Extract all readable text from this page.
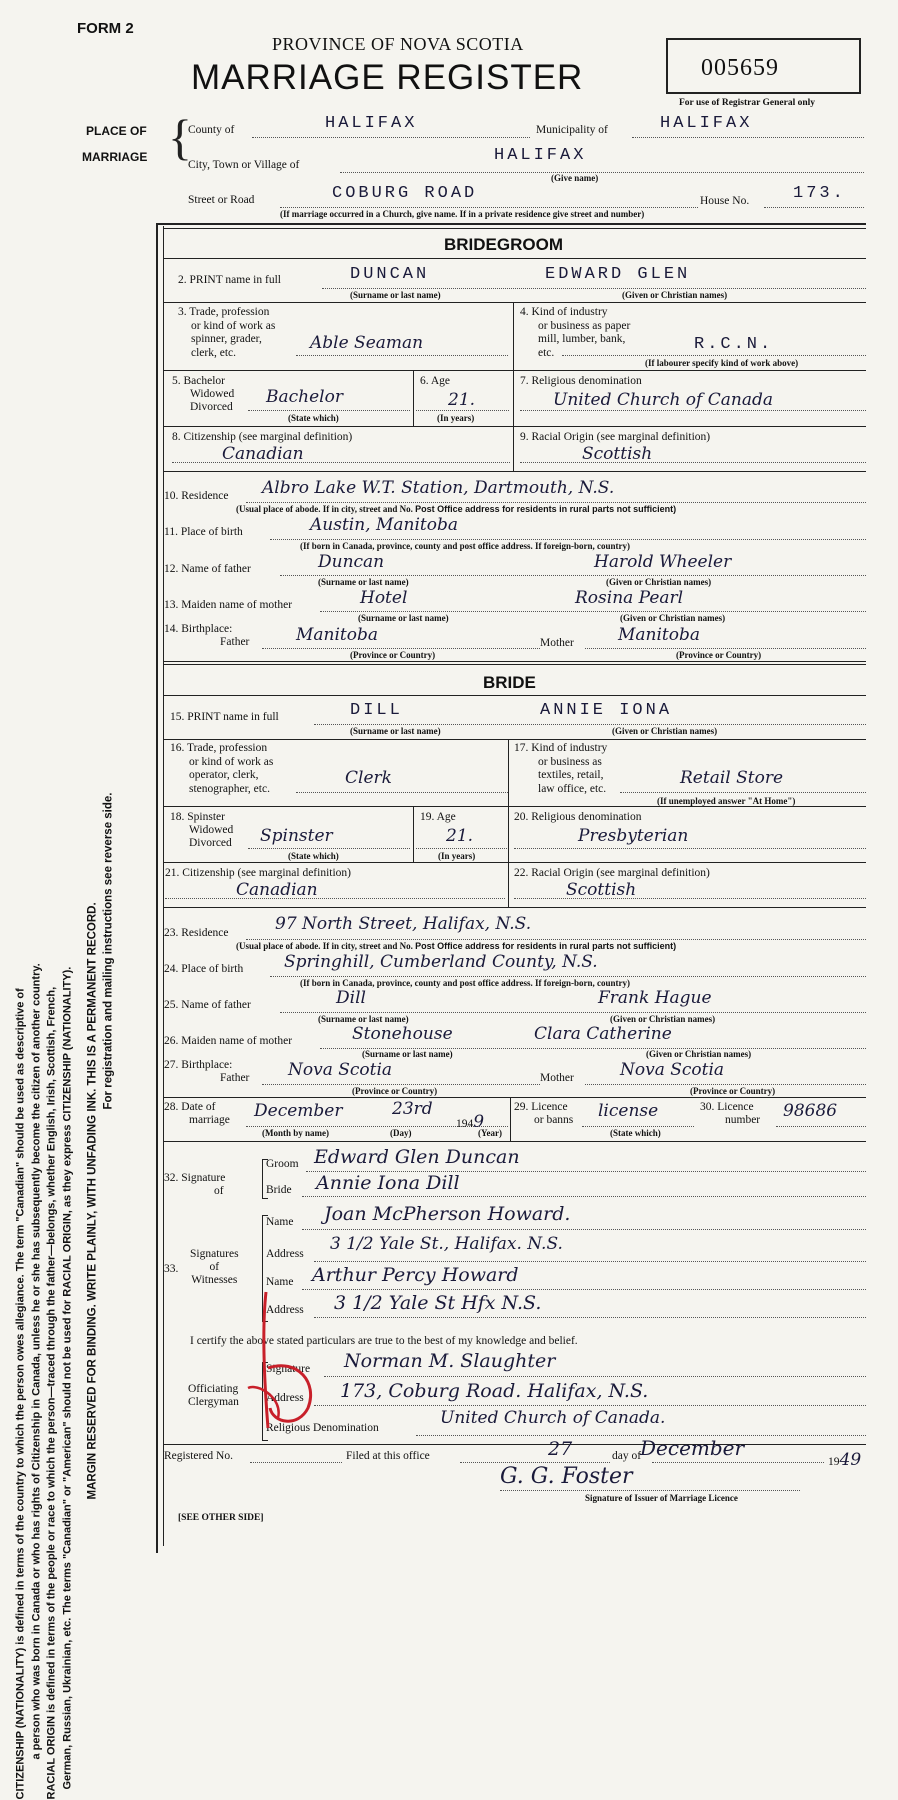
FORM 2
PROVINCE OF NOVA SCOTIA
MARRIAGE REGISTER	005659
For use of Registrar General only
PLACE OF
MARRIAGE {
County of	HALIFAX	Municipality of	HALIFAX
City, Town or Village of	HALIFAX
(Give name)
Street or Road	COBURG ROAD	House No.	173.
(If marriage occurred in a Church, give name. If in a private residence give street and number)
CITIZENSHIP (NATIONALITY) is defined in terms of the country to which the person owes allegiance. The term "Canadian" should be used as descriptive of a person who was born in Canada or who has rights of Citizenship in Canada, unless he or she has subsequently become the citizen of another country. RACIAL ORIGIN is defined in terms of the people or race to which the person—traced through the father—belongs, whether English, Irish, Scottish, French, German, Russian, Ukrainian, etc. The terms "Canadian" or "American" should not be used for RACIAL ORIGIN, as they express CITIZENSHIP (NATIONALITY). MARGIN RESERVED FOR BINDING. WRITE PLAINLY, WITH UNFADING INK. THIS IS A PERMANENT RECORD. For registration and mailing instructions see reverse side.
BRIDEGROOM
2. PRINT name in full	DUNCAN	EDWARD GLEN
(Surname or last name)	(Given or Christian names)
3. Trade, profession
or kind of work as
spinner, grader,
clerk, etc.	Able Seaman
4. Kind of industry
or business as paper
mill, lumber, bank,
etc.	R.C.N.
(If labourer specify kind of work above)
5. Bachelor
Widowed
Divorced Bachelor
(State which)
6. Age
21.
(In years)
7. Religious denomination
United Church of Canada
8. Citizenship (see marginal definition)
Canadian
9. Racial Origin (see marginal definition)
Scottish
10. Residence Albro Lake W.T. Station, Dartmouth, N.S.
(Usual place of abode. If in city, street and No. Post Office address for residents in rural parts not sufficient)
11. Place of birth	Austin, Manitoba
(If born in Canada, province, county and post office address. If foreign-born, country)
12. Name of father	Duncan	Harold Wheeler
(Surname or last name)	(Given or Christian names)
13. Maiden name of mother	Hotel	Rosina Pearl
(Surname or last name)	(Given or Christian names)
14. Birthplace:
Father	Manitoba	Mother	Manitoba
(Province or Country)	(Province or Country)
BRIDE
15. PRINT name in full	DILL	ANNIE IONA
(Surname or last name)	(Given or Christian names)
16. Trade, profession
or kind of work as
operator, clerk,
stenographer, etc.
Clerk
17. Kind of industry
or business as
textiles, retail,
law office, etc.
Retail Store
(If unemployed answer "At Home")
18. Spinster
Widowed
Divorced Spinster
(State which)
19. Age
21.
(In years)
20. Religious denomination
Presbyterian
21. Citizenship (see marginal definition)
Canadian
22. Racial Origin (see marginal definition)
Scottish
23. Residence	97 North Street, Halifax, N.S.
(Usual place of abode. If in city, street and No. Post Office address for residents in rural parts not sufficient)
24. Place of birth Springhill, Cumberland County, N.S.
(If born in Canada, province, county and post office address. If foreign-born, country)
25. Name of father	Dill	Frank Hague
(Surname or last name)	(Given or Christian names)
26. Maiden name of mother	Stonehouse	Clara Catherine
(Surname or last name)	(Given or Christian names)
27. Birthplace:
Father Nova Scotia	Mother	Nova Scotia
(Province or Country)	(Province or Country)
28. Date of
marriage December	23rd
1949
(Month by name)	(Day)	(Year)
29. Licence
or banns license
(State which)
30. Licence
number 98686
32. Signature
of
Groom Edward Glen Duncan
Bride Annie Iona Dill
33.
Signatures
of
Witnesses
Name Joan McPherson Howard.
Address 3 1/2 Yale St., Halifax. N.S.
Name Arthur Percy Howard
Address 3 1/2 Yale St Hfx N.S.
I certify the above stated particulars are true to the best of my knowledge and belief.
Officiating
Clergyman
Signature Norman M. Slaughter
Address 173, Coburg Road. Halifax, N.S.
Religious Denomination	United Church of Canada.
Registered No.	Filed at this office	27	day of
December
1949
G. G. Foster
Signature of Issuer of Marriage Licence
[SEE OTHER SIDE]
